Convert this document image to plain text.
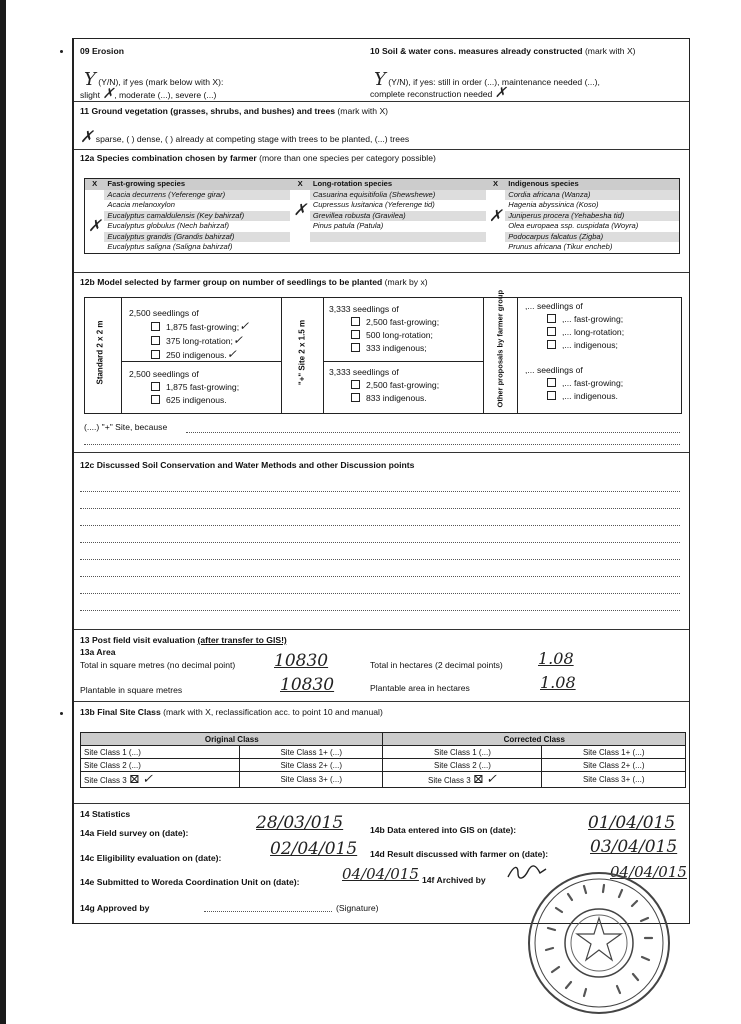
09 Erosion
Y (Y/N), if yes (mark below with X):
slight ✗, moderate (...), severe (...)
10 Soil & water cons. measures already constructed (mark with X)
Y (Y/N), if yes: still in order (...), maintenance needed (...),
complete reconstruction needed ✗
11 Ground vegetation (grasses, shrubs, and bushes) and trees (mark with X)
✗ sparse, ( ) dense, ( ) already at competing stage with trees to be planted, (...) trees
12a Species combination chosen by farmer (more than one species per category possible)
X	Fast-growing species	X	Long-rotation species	X	Indigenous species
	Acacia decurrens (Yeferenge girar)		Casuarina equisitifolia (Shewshewe)		Cordia africana (Wanza)
	Acacia melanoxylon	✗	Cupressus lusitanica (Yeferenge tid)		Hagenia abyssinica (Koso)
	Eucalyptus camaldulensis (Key bahirzaf)		Grevillea robusta (Gravilea)	✗	Juniperus procera (Yehabesha tid)
✗	Eucalyptus globulus (Nech bahirzaf)		Pinus patula (Patula)		Olea europaea ssp. cuspidata (Woyra)
	Eucalyptus grandis (Grandis bahirzaf)				Podocarpus falcatus (Zigba)
	Eucalyptus saligna (Saligna bahirzaf)				Prunus africana (Tikur encheb)
12b Model selected by farmer group on number of seedlings to be planted (mark by x)
Standard 2 x 2 m	"+" Site 2 x 1.5 m	Other proposals by farmer group
2,500 seedlings of
1,875 fast-growing;✓
375 long-rotation;✓
250 indigenous.✓
2,500 seedlings of
1,875 fast-growing;
625 indigenous.
3,333 seedlings of
2,500 fast-growing;
500 long-rotation;
333 indigenous;
3,333 seedlings of
2,500 fast-growing;
833 indigenous.
,... seedlings of
,... fast-growing;
,... long-rotation;
,... indigenous;
,... seedlings of
,... fast-growing;
,... indigenous.
(....) "+" Site, because
12c Discussed Soil Conservation and Water Methods and other Discussion points
13 Post field visit evaluation (after transfer to GIS!)
13a Area
Total in square metres (no decimal point) 10830	Total in hectares (2 decimal points) 1.08
Plantable in square metres	10830	Plantable area in hectares	1.08
13b Final Site Class (mark with X, reclassification acc. to point 10 and manual)
Original Class		Corrected Class	
Site Class 1 (...)	Site Class 1+ (...)	Site Class 1 (...)	Site Class 1+ (...)
Site Class 2 (...)	Site Class 2+ (...)	Site Class 2 (...)	Site Class 2+ (...)
Site Class 3 ⊠ ✓	Site Class 3+ (...)	Site Class 3 ⊠ ✓	Site Class 3+ (...)
14 Statistics
14a Field survey on (date):	28/03/015	14b Data entered into GIS on (date):	01/04/015
14c Eligibility evaluation on (date):	02/04/015 14d Result discussed with farmer on (date): 03/04/015
14e Submitted to Woreda Coordination Unit on (date):	04/04/015 14f Archived by	04/04/015
14g Approved by	(Signature)
